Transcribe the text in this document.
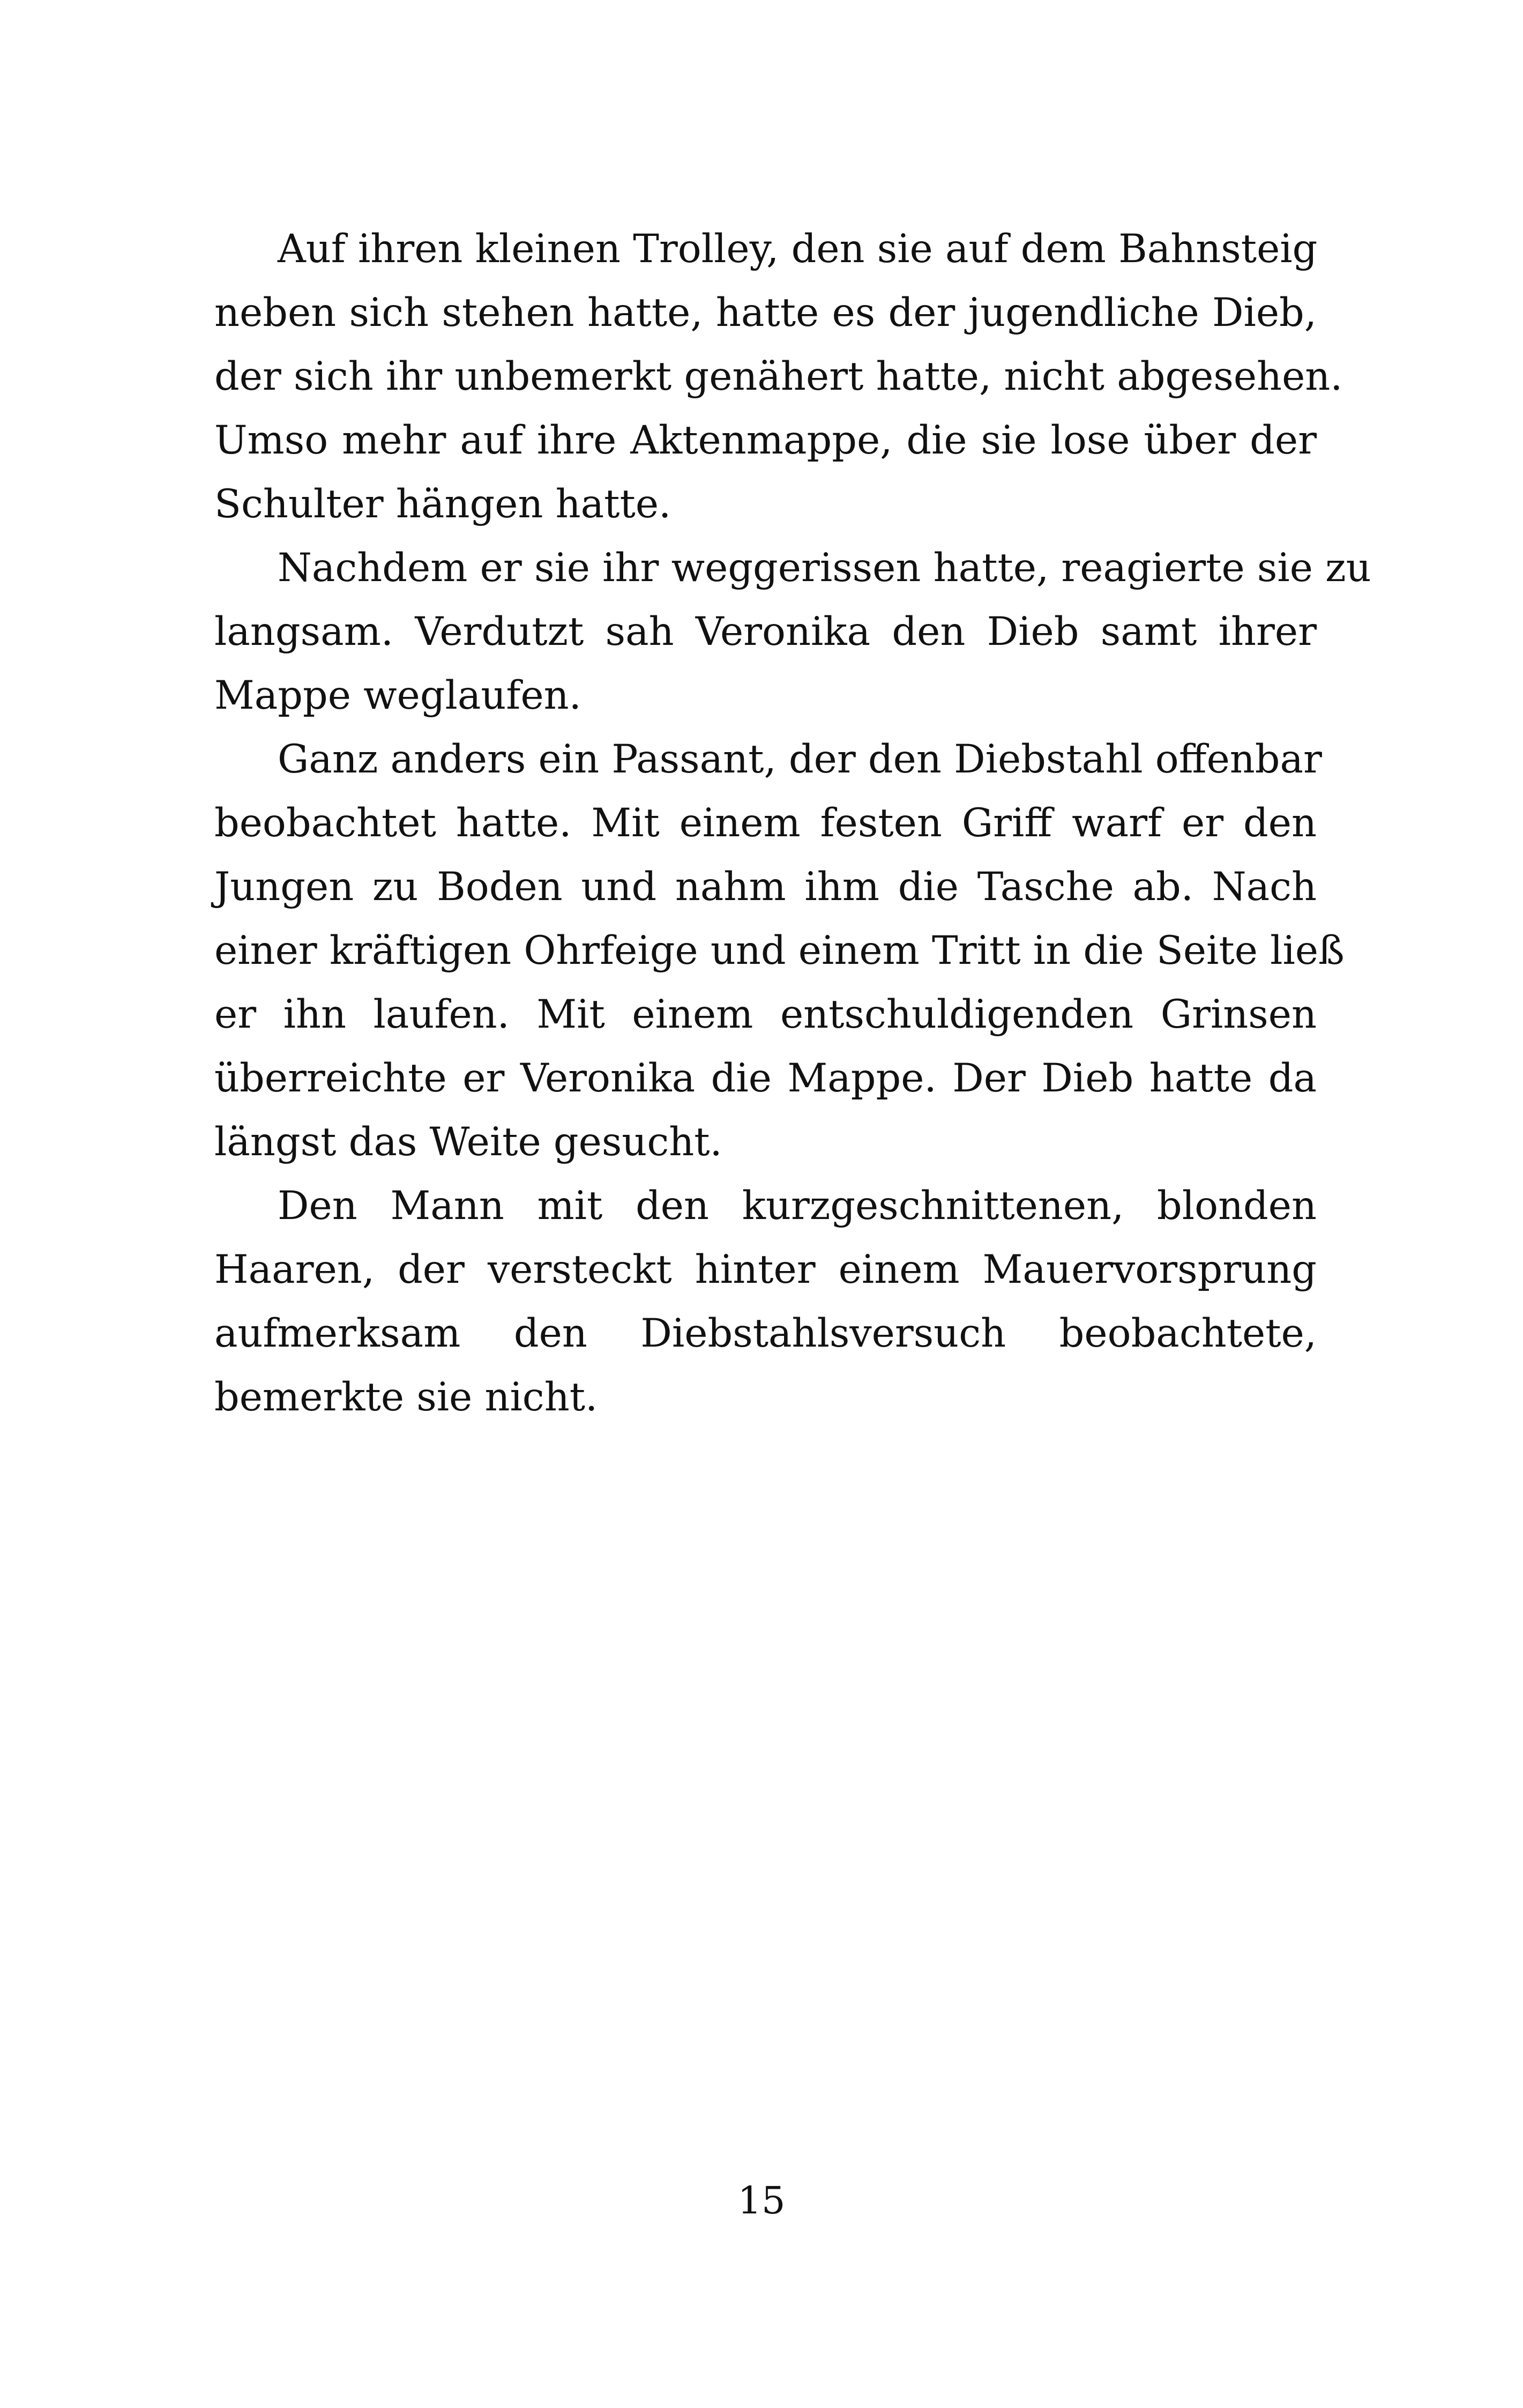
Auf ihren kleinen Trolley, den sie auf dem Bahnsteig
neben sich stehen hatte, hatte es der jugendliche Dieb,
der sich ihr unbemerkt genähert hatte, nicht abgesehen.
Umso mehr auf ihre Aktenmappe, die sie lose über der
Schulter hängen hatte.
Nachdem er sie ihr weggerissen hatte, reagierte sie zu
langsam. Verdutzt sah Veronika den Dieb samt ihrer
Mappe weglaufen.
Ganz anders ein Passant, der den Diebstahl offenbar
beobachtet hatte. Mit einem festen Griff warf er den
Jungen zu Boden und nahm ihm die Tasche ab. Nach
einer kräftigen Ohrfeige und einem Tritt in die Seite ließ
er ihn laufen. Mit einem entschuldigenden Grinsen
überreichte er Veronika die Mappe. Der Dieb hatte da
längst das Weite gesucht.
Den Mann mit den kurzgeschnittenen, blonden
Haaren, der versteckt hinter einem Mauervorsprung
aufmerksam den Diebstahlsversuch beobachtete,
bemerkte sie nicht.
15
